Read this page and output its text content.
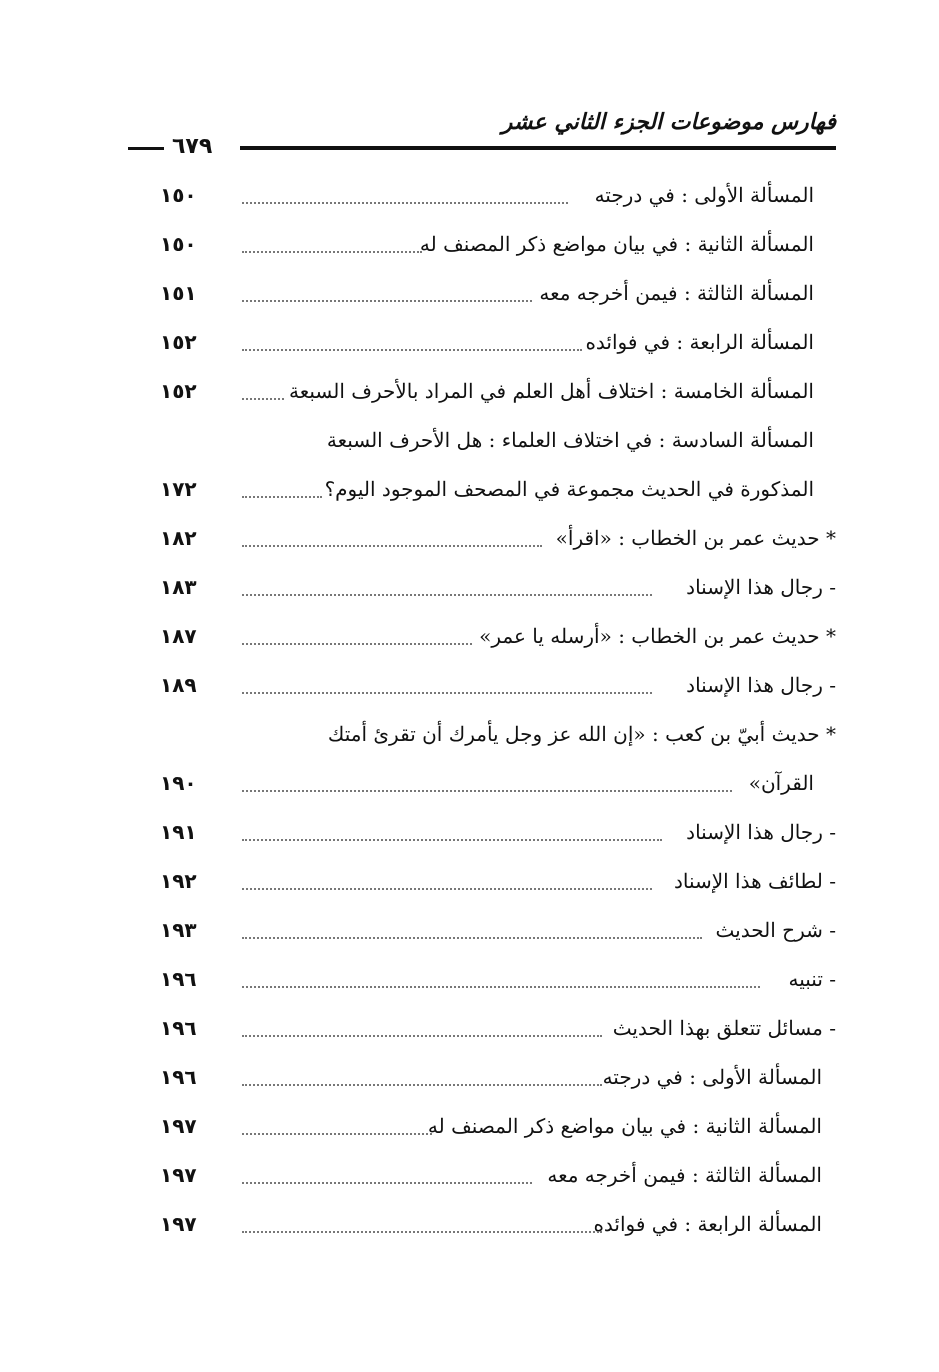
فهارس موضوعات الجزء الثاني عشر
٦٧٩
المسألة الأولى : في درجته
١٥٠
المسألة الثانية : في بيان مواضع ذكر المصنف له
١٥٠
المسألة الثالثة : فيمن أخرجه معه
١٥١
المسألة الرابعة : في فوائده
١٥٢
المسألة الخامسة : اختلاف أهل العلم في المراد بالأحرف السبعة
١٥٢
المسألة السادسة : في اختلاف العلماء : هل الأحرف السبعة
المذكورة في الحديث مجموعة في المصحف الموجود اليوم؟
١٧٢
* حديث عمر بن الخطاب : «اقرأ»
١٨٢
- رجال هذا الإسناد
١٨٣
* حديث عمر بن الخطاب : «أرسله يا عمر»
١٨٧
- رجال هذا الإسناد
١٨٩
* حديث أبيّ بن كعب : «إن الله عز وجل يأمرك أن تقرئ أمتك
القرآن»
١٩٠
- رجال هذا الإسناد
١٩١
- لطائف هذا الإسناد
١٩٢
- شرح الحديث
١٩٣
- تنبيه
١٩٦
- مسائل تتعلق بهذا الحديث
١٩٦
المسألة الأولى : في درجته
١٩٦
المسألة الثانية : في بيان مواضع ذكر المصنف له
١٩٧
المسألة الثالثة : فيمن أخرجه معه
١٩٧
المسألة الرابعة : في فوائده
١٩٧
